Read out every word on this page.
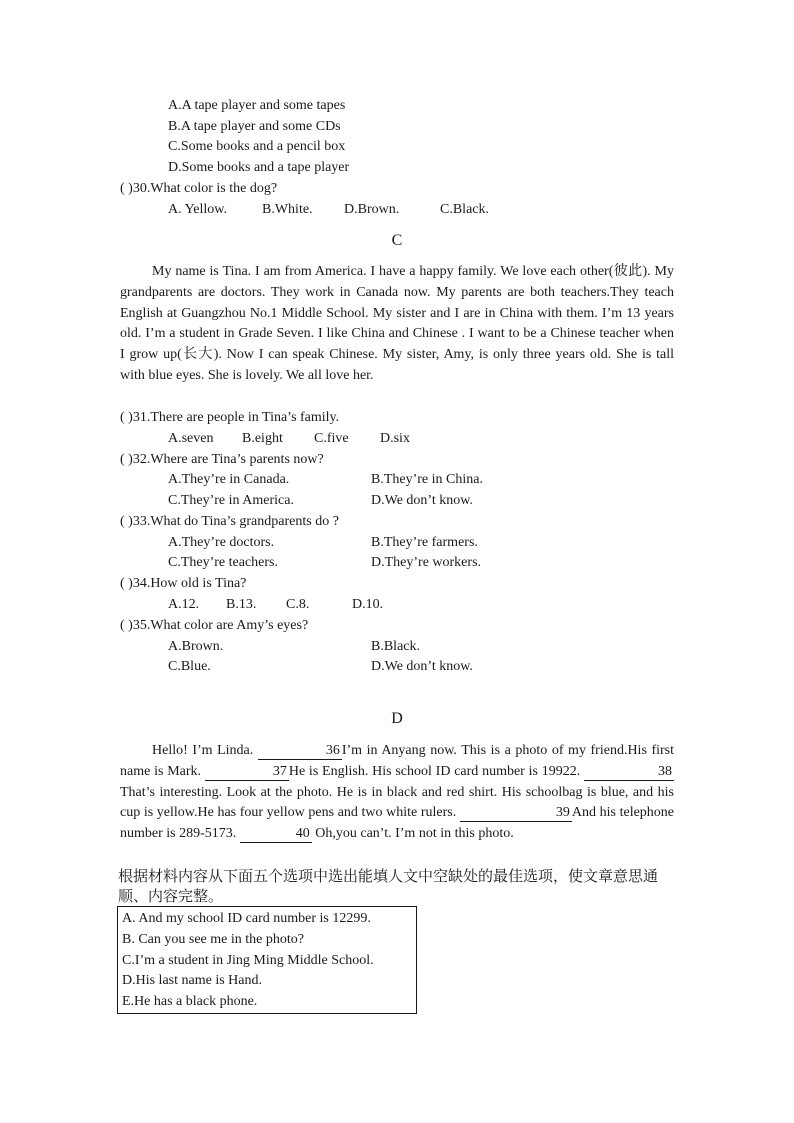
A.A tape player and some tapes
B.A tape player and some CDs
C.Some books and a pencil box
D.Some books and a tape player
( )30.What color is the dog?
A. Yellow.	B.White. D.Brown.	C.Black.
C

My name is Tina. I am from America. I have a happy family. We love each other(彼此). My grandparents are doctors. They work in Canada now. My parents are both teachers.They teach English at Guangzhou No.1 Middle School. My sister and I are in China with them. I’m 13 years old. I’m a student in Grade Seven. I like China and Chinese . I want to be a Chinese teacher when I grow up(长大). Now I can speak Chinese. My sister, Amy, is only three years old. She is tall with blue eyes. She is lovely. We all love her.

( )31.There are people in Tina’s family.
A.seven B.eight C.five D.six
( )32.Where are Tina’s parents now?
A.They’re in Canada.	B.They’re in China.
C.They’re in America.	D.We don’t know.
( )33.What do Tina’s grandparents do ?
A.They’re doctors.	B.They’re farmers.
C.They’re teachers.	D.They’re workers.
( )34.How old is Tina?
A.12. B.13. C.8.	D.10.
( )35.What color are Amy’s eyes?
A.Brown.	B.Black.
C.Blue.	D.We don’t know.
D

Hello! I’m Linda.	36 I’m in Anyang now. This is a photo of my friend.His first name is Mark.	37 He is English. His school ID card number is 19922.	38That’s interesting. Look at the photo. He is in black and red shirt. His schoolbag is blue, and his cup is yellow.He has four yellow pens and two white rulers.	39 And his telephone number is 289-5173.	40 Oh,you can’t. I’m not in this photo.

根据材料内容从下面五个选项中选出能填人文中空缺处的最佳选项，使文章意思通顺、内容完整。
A. And my school ID card number is 12299.
B. Can you see me in the photo?
C.I’m a student in Jing Ming Middle School.
D.His last name is Hand.
E.He has a black phone.
